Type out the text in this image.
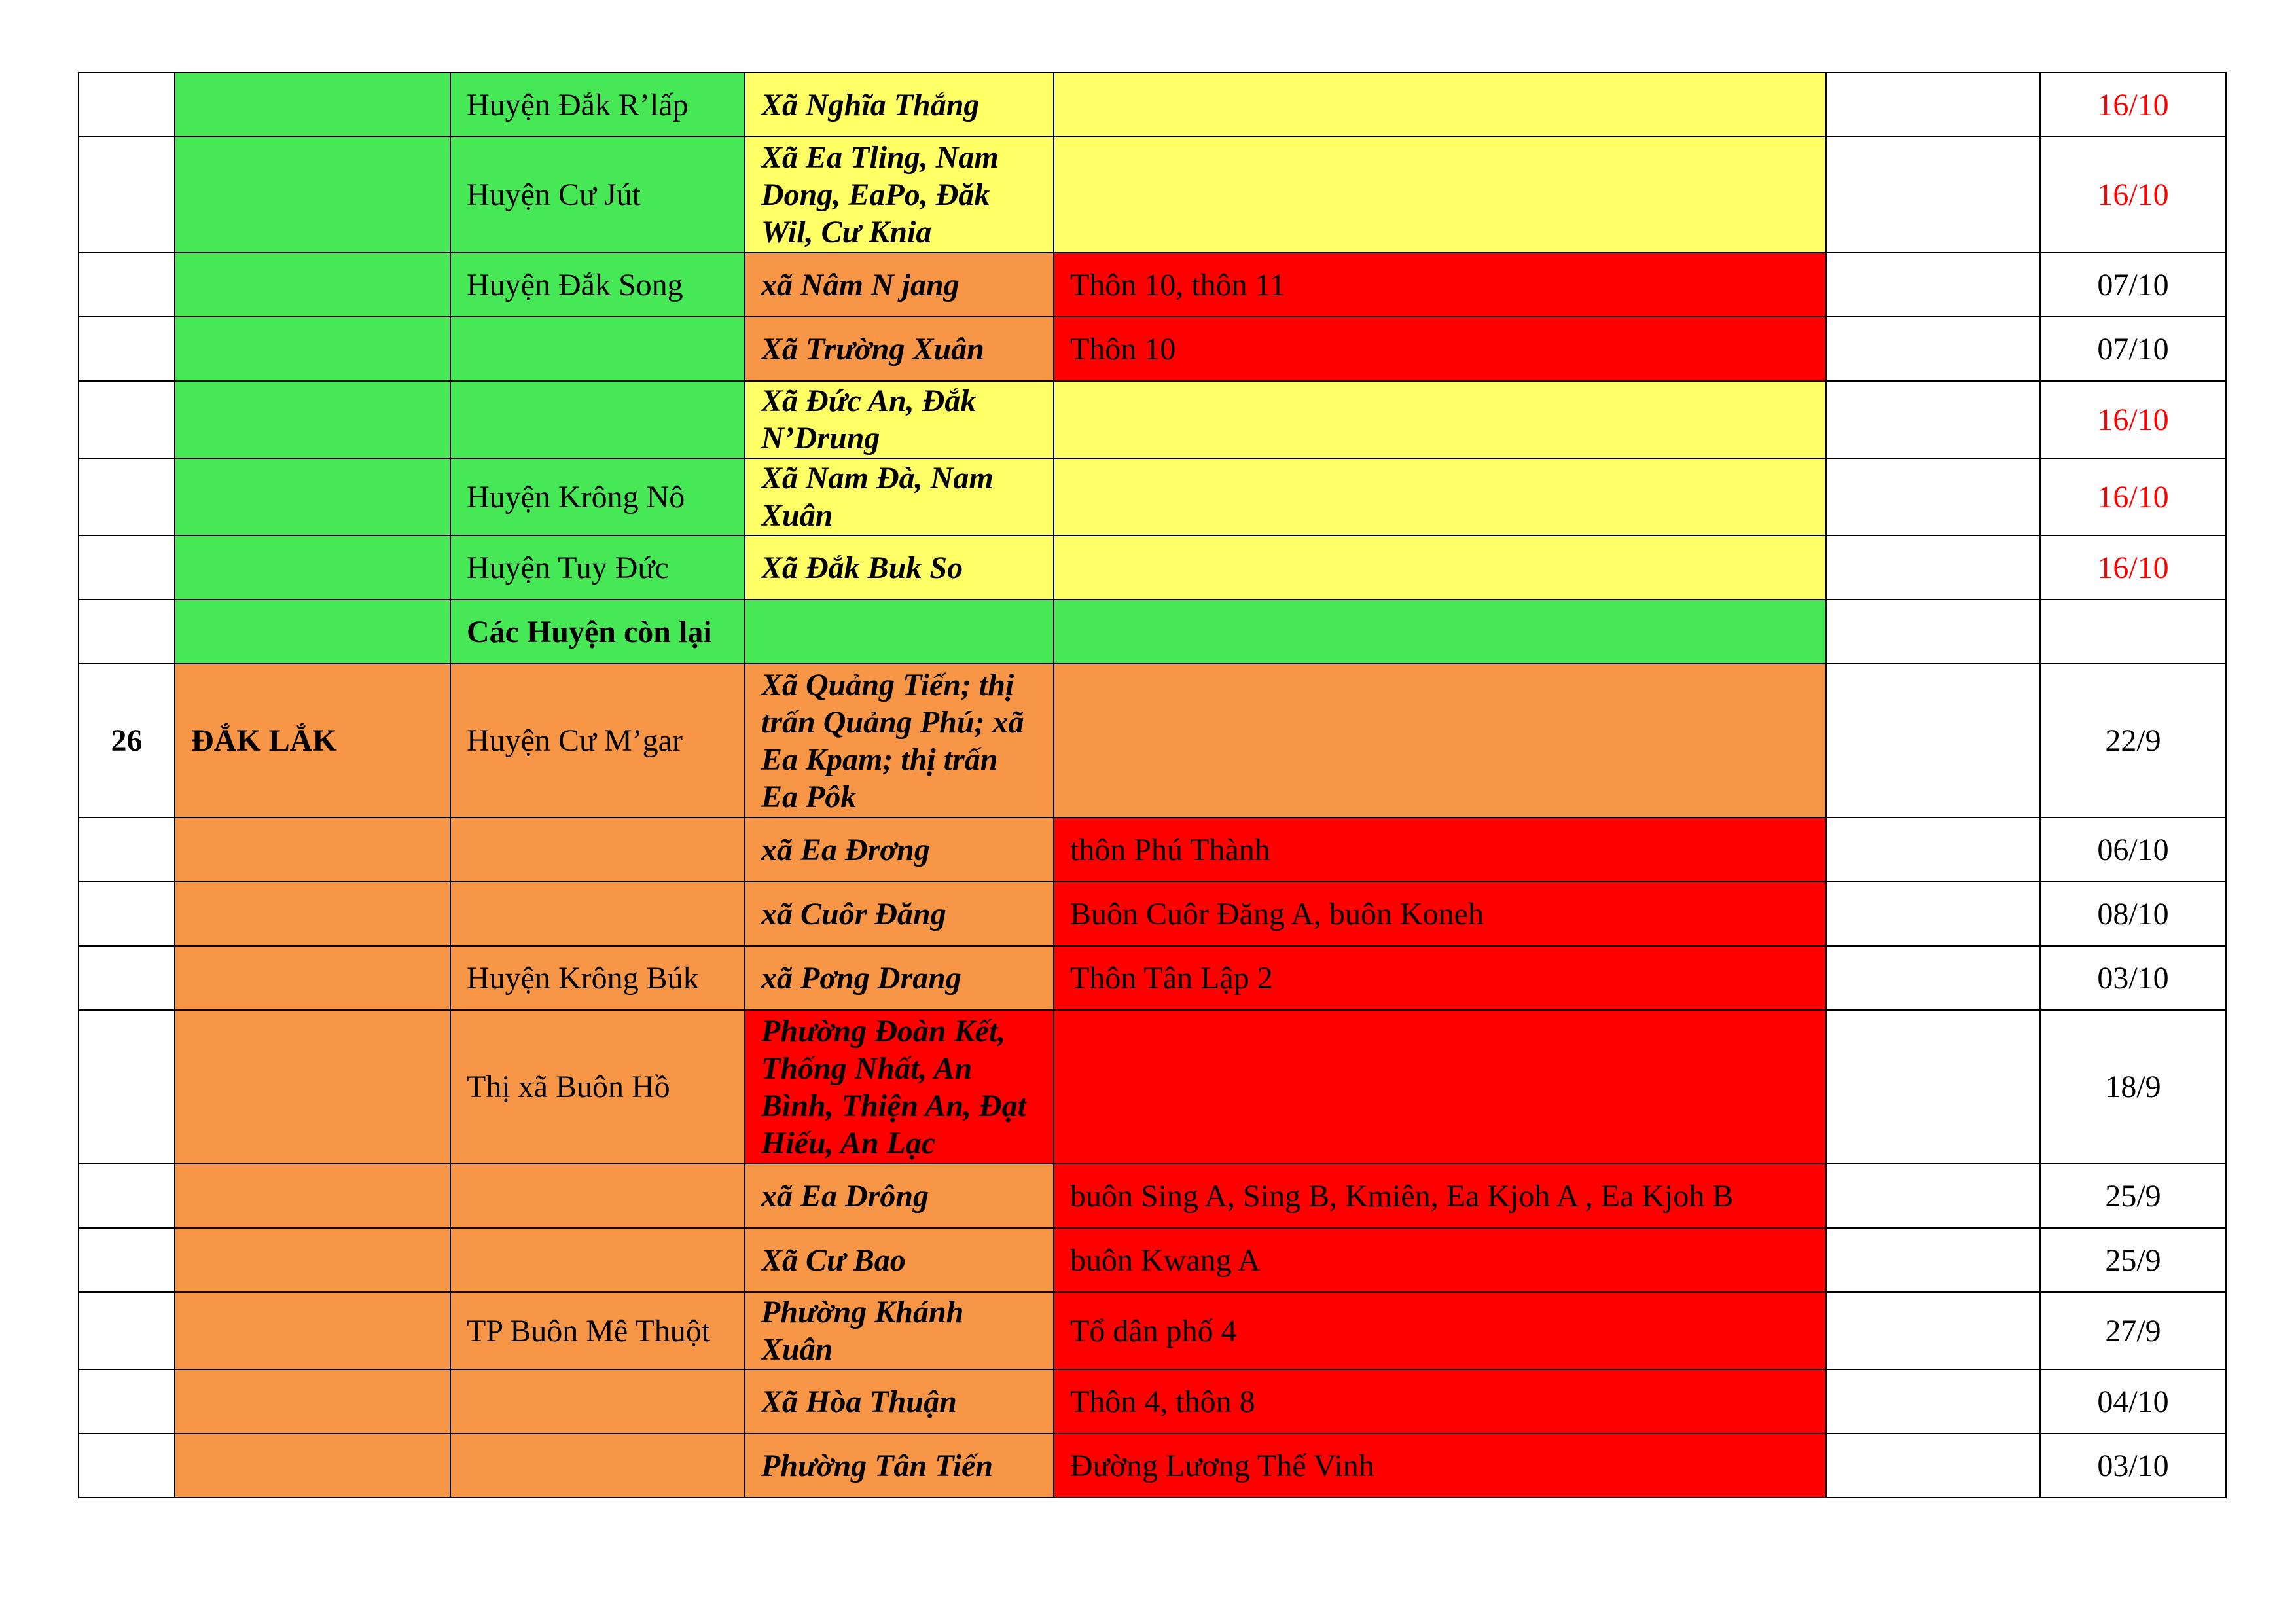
		Huyện Đắk R’lấp	Xã Nghĩa Thắng			16/10
		Huyện Cư Jút	Xã Ea Tling, Nam Dong, EaPo, Đăk Wil, Cư Knia			16/10
		Huyện Đắk Song	xã Nâm N jang	Thôn 10, thôn 11		07/10
			Xã Trường Xuân	Thôn 10		07/10
			Xã Đức An, Đắk N’Drung			16/10
		Huyện Krông Nô	Xã Nam Đà, Nam Xuân			16/10
		Huyện Tuy Đức	Xã Đắk Buk So			16/10
		Các Huyện còn lại				
26	ĐẮK LẮK	Huyện Cư M’gar	Xã Quảng Tiến; thị trấn Quảng Phú; xã Ea Kpam; thị trấn Ea Pôk			22/9
			xã Ea Đrơng	thôn Phú Thành		06/10
			xã Cuôr Đăng	Buôn Cuôr Đăng A, buôn Koneh		08/10
		Huyện Krông Búk	xã Pơng Drang	Thôn Tân Lập 2		03/10
		Thị xã Buôn Hồ	Phường Đoàn Kết, Thống Nhất, An Bình, Thiện An, Đạt Hiếu, An Lạc			18/9
			xã Ea Drông	buôn Sing A, Sing B, Kmiên, Ea Kjoh A , Ea Kjoh B		25/9
			Xã Cư Bao	buôn Kwang A		25/9
		TP Buôn Mê Thuột	Phường Khánh Xuân	Tổ dân phố 4		27/9
			Xã Hòa Thuận	Thôn 4, thôn 8		04/10
			Phường Tân Tiến	Đường Lương Thế Vinh		03/10
